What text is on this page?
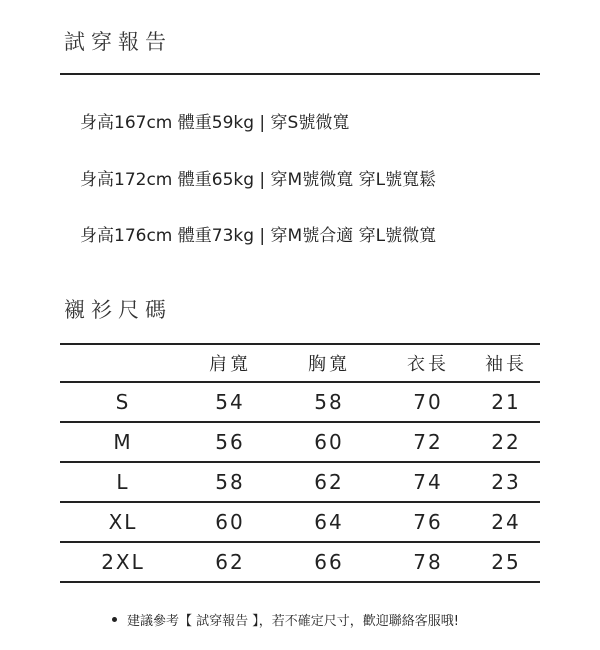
試穿報告
身高167cm 體重59kg | 穿S號微寬
身高172cm 體重65kg | 穿M號微寬 穿L號寬鬆
身高176cm 體重73kg | 穿M號合適 穿L號微寬
襯衫尺碼
	肩寬	胸寬	衣長	袖長
S	54	58	70	21
M	56	60	72	22
L	58	62	74	23
XL	60	64	76	24
2XL	62	66	78	25
建議參考【 試穿報告 】，若不確定尺寸，歡迎聯絡客服哦!
